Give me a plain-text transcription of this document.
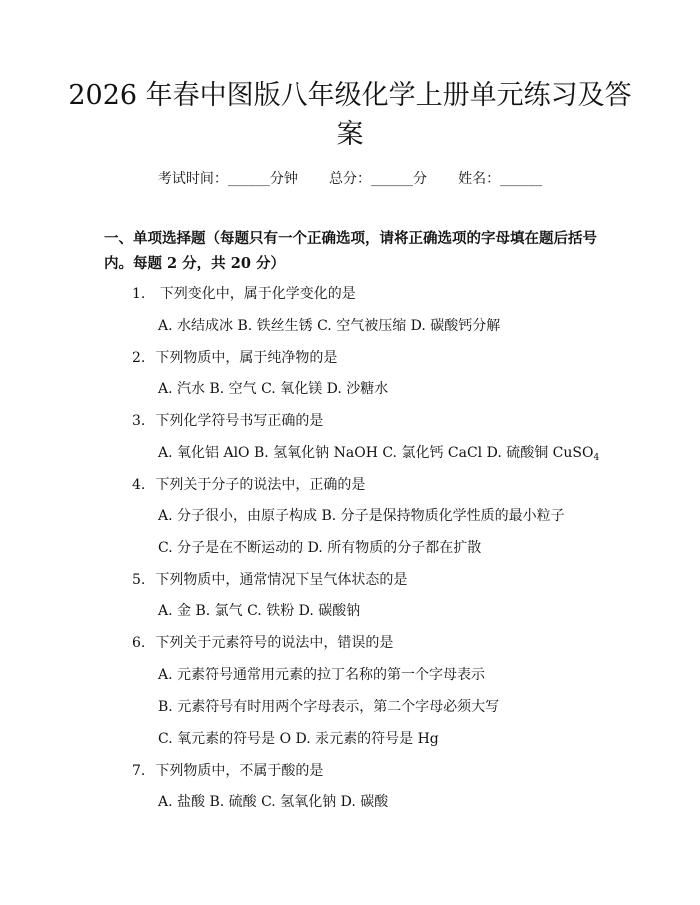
2026 年春中图版八年级化学上册单元练习及答案
考试时间：______分钟 总分：______分 姓名：______
一、单项选择题（每题只有一个正确选项，请将正确选项的字母填在题后括号内。每题 2 分，共 20 分）
1. 下列变化中，属于化学变化的是
A. 水结成冰 B. 铁丝生锈 C. 空气被压缩 D. 碳酸钙分解
2. 下列物质中，属于纯净物的是
A. 汽水 B. 空气 C. 氧化镁 D. 沙糖水
3. 下列化学符号书写正确的是
A. 氧化铝 AlO B. 氢氧化钠 NaOH C. 氯化钙 CaCl D. 硫酸铜 CuSO$_4$
4. 下列关于分子的说法中，正确的是
A. 分子很小，由原子构成 B. 分子是保持物质化学性质的最小粒子
C. 分子是在不断运动的 D. 所有物质的分子都在扩散
5. 下列物质中，通常情况下呈气体状态的是
A. 金 B. 氯气 C. 铁粉 D. 碳酸钠
6. 下列关于元素符号的说法中，错误的是
A. 元素符号通常用元素的拉丁名称的第一个字母表示
B. 元素符号有时用两个字母表示，第二个字母必须大写
C. 氧元素的符号是 O D. 汞元素的符号是 Hg
7. 下列物质中，不属于酸的是
A. 盐酸 B. 硫酸 C. 氢氧化钠 D. 碳酸
